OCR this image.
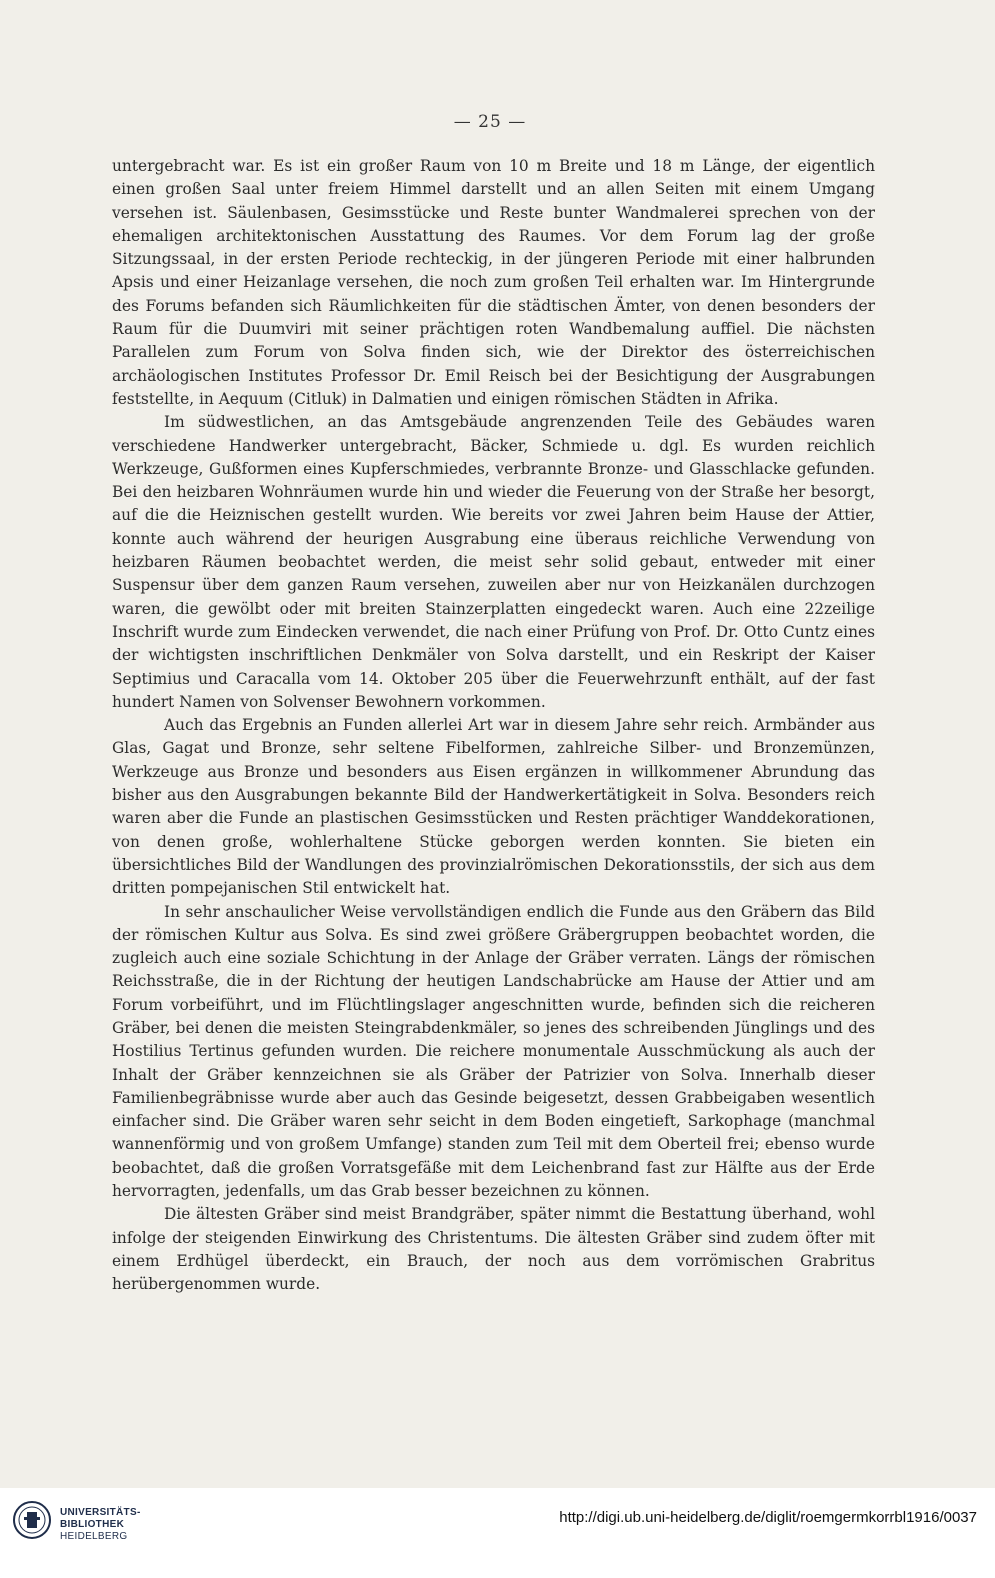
— 25 —

untergebracht war. Es ist ein großer Raum von 10 m Breite und 18 m Länge, der eigentlich einen großen Saal unter freiem Himmel darstellt und an allen Seiten mit einem Umgang versehen ist. Säulenbasen, Gesimsstücke und Reste bunter Wandmalerei sprechen von der ehemaligen architektonischen Ausstattung des Raumes. Vor dem Forum lag der große Sitzungssaal, in der ersten Periode rechteckig, in der jüngeren Periode mit einer halbrunden Apsis und einer Heizanlage versehen, die noch zum großen Teil erhalten war. Im Hintergrunde des Forums befanden sich Räumlichkeiten für die städtischen Ämter, von denen besonders der Raum für die Duumviri mit seiner prächtigen roten Wandbemalung auffiel. Die nächsten Parallelen zum Forum von Solva finden sich, wie der Direktor des österreichischen archäologischen Institutes Professor Dr. Emil Reisch bei der Besichtigung der Ausgrabungen feststellte, in Aequum (Citluk) in Dalmatien und einigen römischen Städten in Afrika.

Im südwestlichen, an das Amtsgebäude angrenzenden Teile des Gebäudes waren verschiedene Handwerker untergebracht, Bäcker, Schmiede u. dgl. Es wurden reichlich Werkzeuge, Gußformen eines Kupferschmiedes, verbrannte Bronze- und Glasschlacke gefunden. Bei den heizbaren Wohnräumen wurde hin und wieder die Feuerung von der Straße her besorgt, auf die die Heiznischen gestellt wurden. Wie bereits vor zwei Jahren beim Hause der Attier, konnte auch während der heurigen Ausgrabung eine überaus reichliche Verwendung von heizbaren Räumen beobachtet werden, die meist sehr solid gebaut, entweder mit einer Suspensur über dem ganzen Raum versehen, zuweilen aber nur von Heizkanälen durchzogen waren, die gewölbt oder mit breiten Stainzerplatten eingedeckt waren. Auch eine 22zeilige Inschrift wurde zum Eindecken verwendet, die nach einer Prüfung von Prof. Dr. Otto Cuntz eines der wichtigsten inschriftlichen Denkmäler von Solva darstellt, und ein Reskript der Kaiser Septimius und Caracalla vom 14. Oktober 205 über die Feuerwehrzunft enthält, auf der fast hundert Namen von Solvenser Bewohnern vorkommen.

Auch das Ergebnis an Funden allerlei Art war in diesem Jahre sehr reich. Armbänder aus Glas, Gagat und Bronze, sehr seltene Fibelformen, zahlreiche Silber- und Bronzemünzen, Werkzeuge aus Bronze und besonders aus Eisen ergänzen in willkommener Abrundung das bisher aus den Ausgrabungen bekannte Bild der Handwerkertätigkeit in Solva. Besonders reich waren aber die Funde an plastischen Gesimsstücken und Resten prächtiger Wanddekorationen, von denen große, wohlerhaltene Stücke geborgen werden konnten. Sie bieten ein übersichtliches Bild der Wandlungen des provinzialrömischen Dekorationsstils, der sich aus dem dritten pompejanischen Stil entwickelt hat.

In sehr anschaulicher Weise vervollständigen endlich die Funde aus den Gräbern das Bild der römischen Kultur aus Solva. Es sind zwei größere Gräbergruppen beobachtet worden, die zugleich auch eine soziale Schichtung in der Anlage der Gräber verraten. Längs der römischen Reichsstraße, die in der Richtung der heutigen Landschabrücke am Hause der Attier und am Forum vorbeiführt, und im Flüchtlingslager angeschnitten wurde, befinden sich die reicheren Gräber, bei denen die meisten Steingrabdenkmäler, so jenes des schreibenden Jünglings und des Hostilius Tertinus gefunden wurden. Die reichere monumentale Ausschmückung als auch der Inhalt der Gräber kennzeichnen sie als Gräber der Patrizier von Solva. Innerhalb dieser Familienbegräbnisse wurde aber auch das Gesinde beigesetzt, dessen Grabbeigaben wesentlich einfacher sind. Die Gräber waren sehr seicht in dem Boden eingetieft, Sarkophage (manchmal wannenförmig und von großem Umfange) standen zum Teil mit dem Oberteil frei; ebenso wurde beobachtet, daß die großen Vorratsgefäße mit dem Leichenbrand fast zur Hälfte aus der Erde hervorragten, jedenfalls, um das Grab besser bezeichnen zu können.

Die ältesten Gräber sind meist Brandgräber, später nimmt die Bestattung überhand, wohl infolge der steigenden Einwirkung des Christentums. Die ältesten Gräber sind zudem öfter mit einem Erdhügel überdeckt, ein Brauch, der noch aus dem vorrömischen Grabritus herübergenommen wurde.

UNIVERSITÄTS-
BIBLIOTHEK
HEIDELBERG
http://digi.ub.uni-heidelberg.de/diglit/roemgermkorrbl1916/0037
